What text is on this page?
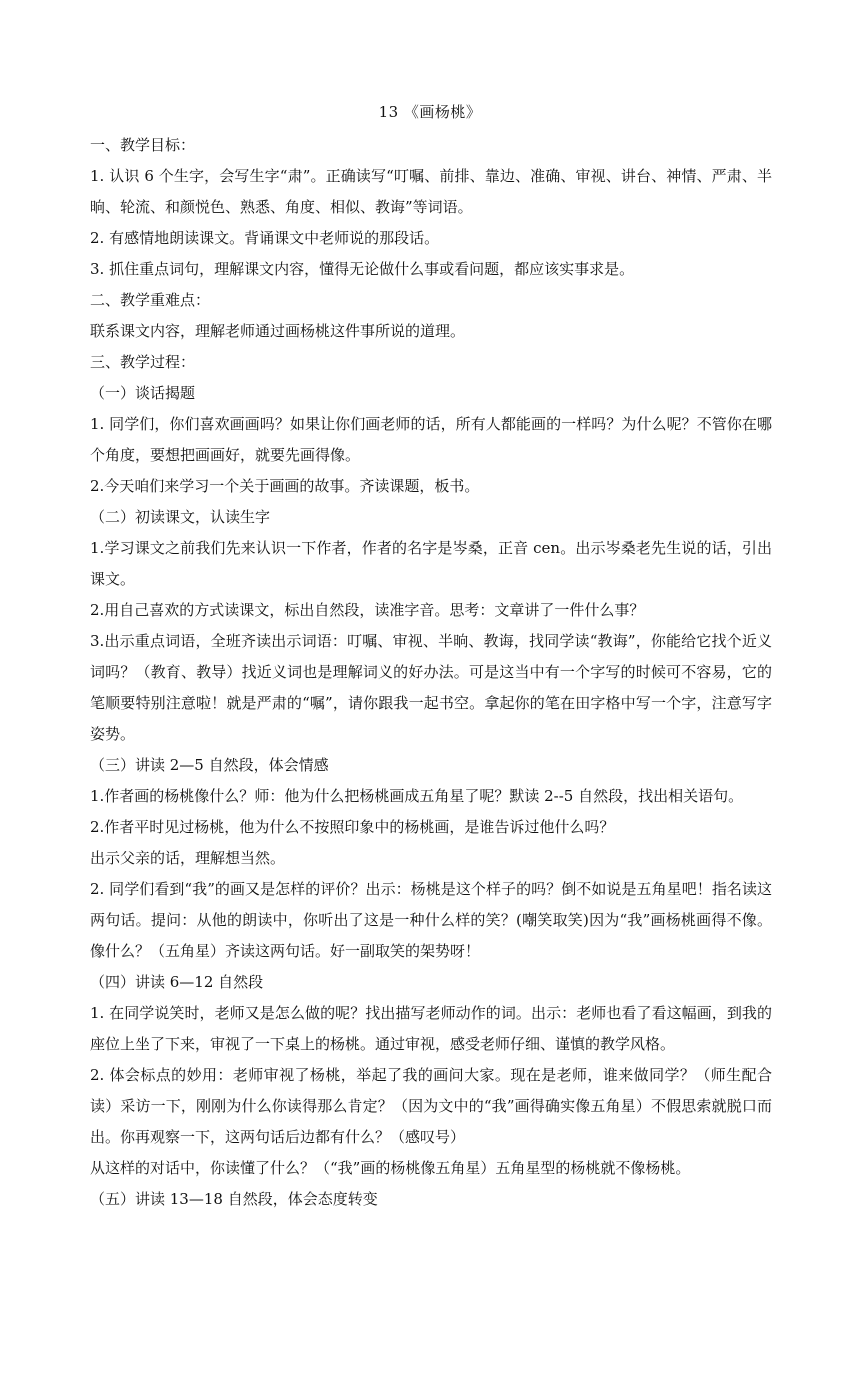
13 《画杨桃》
一、教学目标：
1. 认识 6 个生字，会写生字“肃”。正确读写“叮嘱、前排、靠边、准确、审视、讲台、神情、严肃、半晌、轮流、和颜悦色、熟悉、角度、相似、教诲”等词语。
2. 有感情地朗读课文。背诵课文中老师说的那段话。
3. 抓住重点词句，理解课文内容，懂得无论做什么事或看问题，都应该实事求是。
二、教学重难点：
联系课文内容，理解老师通过画杨桃这件事所说的道理。
三、教学过程：
（一）谈话揭题
1. 同学们，你们喜欢画画吗？如果让你们画老师的话，所有人都能画的一样吗？为什么呢？不管你在哪个角度，要想把画画好，就要先画得像。
2.今天咱们来学习一个关于画画的故事。齐读课题，板书。
（二）初读课文，认读生字
1.学习课文之前我们先来认识一下作者，作者的名字是岑桑，正音 cen。出示岑桑老先生说的话，引出课文。
2.用自己喜欢的方式读课文，标出自然段，读准字音。思考：文章讲了一件什么事？
3.出示重点词语，全班齐读出示词语：叮嘱、审视、半晌、教诲，找同学读“教诲”，你能给它找个近义词吗？（教育、教导）找近义词也是理解词义的好办法。可是这当中有一个字写的时候可不容易，它的笔顺要特别注意啦！就是严肃的“嘱”，请你跟我一起书空。拿起你的笔在田字格中写一个字，注意写字姿势。
（三）讲读 2—5 自然段，体会情感
1.作者画的杨桃像什么？师：他为什么把杨桃画成五角星了呢？默读 2--5 自然段，找出相关语句。
2.作者平时见过杨桃，他为什么不按照印象中的杨桃画，是谁告诉过他什么吗？
出示父亲的话，理解想当然。
2. 同学们看到“我”的画又是怎样的评价？出示：杨桃是这个样子的吗？倒不如说是五角星吧！指名读这两句话。提问：从他的朗读中，你听出了这是一种什么样的笑？(嘲笑取笑)因为“我”画杨桃画得不像。像什么？（五角星）齐读这两句话。好一副取笑的架势呀！
（四）讲读 6—12 自然段
1. 在同学说笑时，老师又是怎么做的呢？找出描写老师动作的词。出示：老师也看了看这幅画，到我的座位上坐了下来，审视了一下桌上的杨桃。通过审视，感受老师仔细、谨慎的教学风格。
2. 体会标点的妙用：老师审视了杨桃，举起了我的画问大家。现在是老师，谁来做同学？（师生配合读）采访一下，刚刚为什么你读得那么肯定？（因为文中的“我”画得确实像五角星）不假思索就脱口而出。你再观察一下，这两句话后边都有什么？（感叹号）
从这样的对话中，你读懂了什么？（“我”画的杨桃像五角星）五角星型的杨桃就不像杨桃。
（五）讲读 13—18 自然段，体会态度转变
